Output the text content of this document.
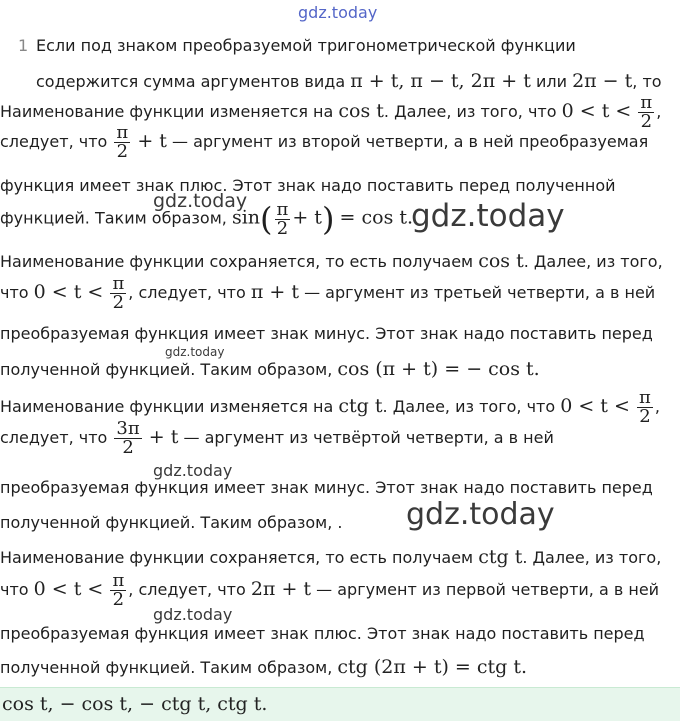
gdz.today
1 Если под знаком преобразуемой тригонометрической функции
содержится сумма аргументов вида π + t, π − t, 2π + t или 2π − t, то
Наименование функции изменяется на cos t. Далее, из того, что $0 < t < \frac{\pi}{2}$ ,
следует, что $\frac{\pi}{2} + t$ — аргумент из второй четверти, а в ней преобразуемая
функция имеет знак плюс. Этот знак надо поставить перед полученной
функцией. Таким образом, $\sin( \frac{\pi}{2} + t) = \cos t$.
gdz.today	gdz.today
Наименование функции сохраняется, то есть получаем cos t. Далее, из того,
что $0 < t < \frac{\pi}{2}$ , следует, что π + t — аргумент из третьей четверти, а в ней
преобразуемая функция имеет знак минус. Этот знак надо поставить перед
gdz.today
полученной функцией. Таким образом, cos (π + t) = − cos t.
Наименование функции изменяется на ctg t. Далее, из того, что $0 < t < \frac{\pi}{2}$ ,
следует, что $\frac{3\pi}{2} + t$ — аргумент из четвёртой четверти, а в ней
gdz.today
преобразуемая функция имеет знак минус. Этот знак надо поставить перед
gdz.today
полученной функцией. Таким образом, .
Наименование функции сохраняется, то есть получаем ctg t. Далее, из того,
что $0 < t < \frac{\pi}{2}$ , следует, что 2π + t — аргумент из первой четверти, а в ней
gdz.today
преобразуемая функция имеет знак плюс. Этот знак надо поставить перед
полученной функцией. Таким образом, ctg (2π + t) = ctg t.
cos t, − cos t, − ctg t, ctg t.
